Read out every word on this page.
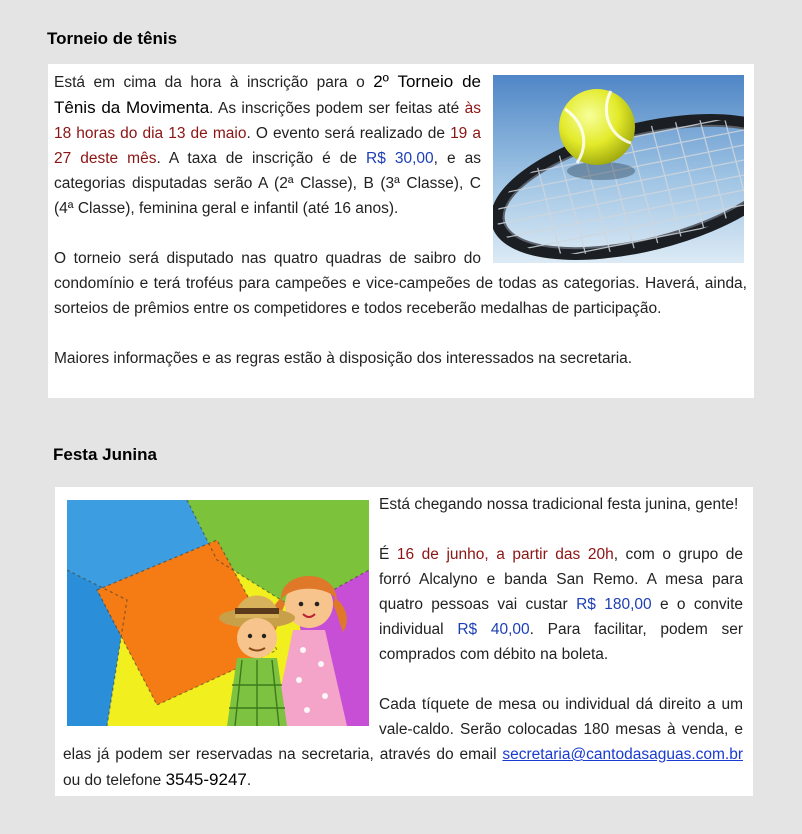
Torneio de tênis

Está em cima da hora à inscrição para o 2º Torneio de Tênis da Movimenta. As inscrições podem ser feitas até às 18 horas do dia 13 de maio. O evento será realizado de 19 a 27 deste mês. A taxa de inscrição é de R$ 30,00, e as categorias disputadas serão A (2ª Classe), B (3ª Classe), C (4ª Classe), feminina geral e infantil (até 16 anos).

O torneio será disputado nas quatro quadras de saibro do condomínio e terá troféus para campeões e vice-campeões de todas as categorias. Haverá, ainda, sorteios de prêmios entre os competidores e todos receberão medalhas de participação.

Maiores informações e as regras estão à disposição dos interessados na secretaria.

Festa Junina

Está chegando nossa tradicional festa junina, gente!

É 16 de junho, a partir das 20h, com o grupo de forró Alcalyno e banda San Remo. A mesa para quatro pessoas vai custar R$ 180,00 e o convite individual R$ 40,00. Para facilitar, podem ser comprados com débito na boleta.

Cada tíquete de mesa ou individual dá direito a um vale-caldo. Serão colocadas 180 mesas à venda, e elas já podem ser reservadas na secretaria, através do email secretaria@cantodasaguas.com.br ou do telefone 3545-9247.
